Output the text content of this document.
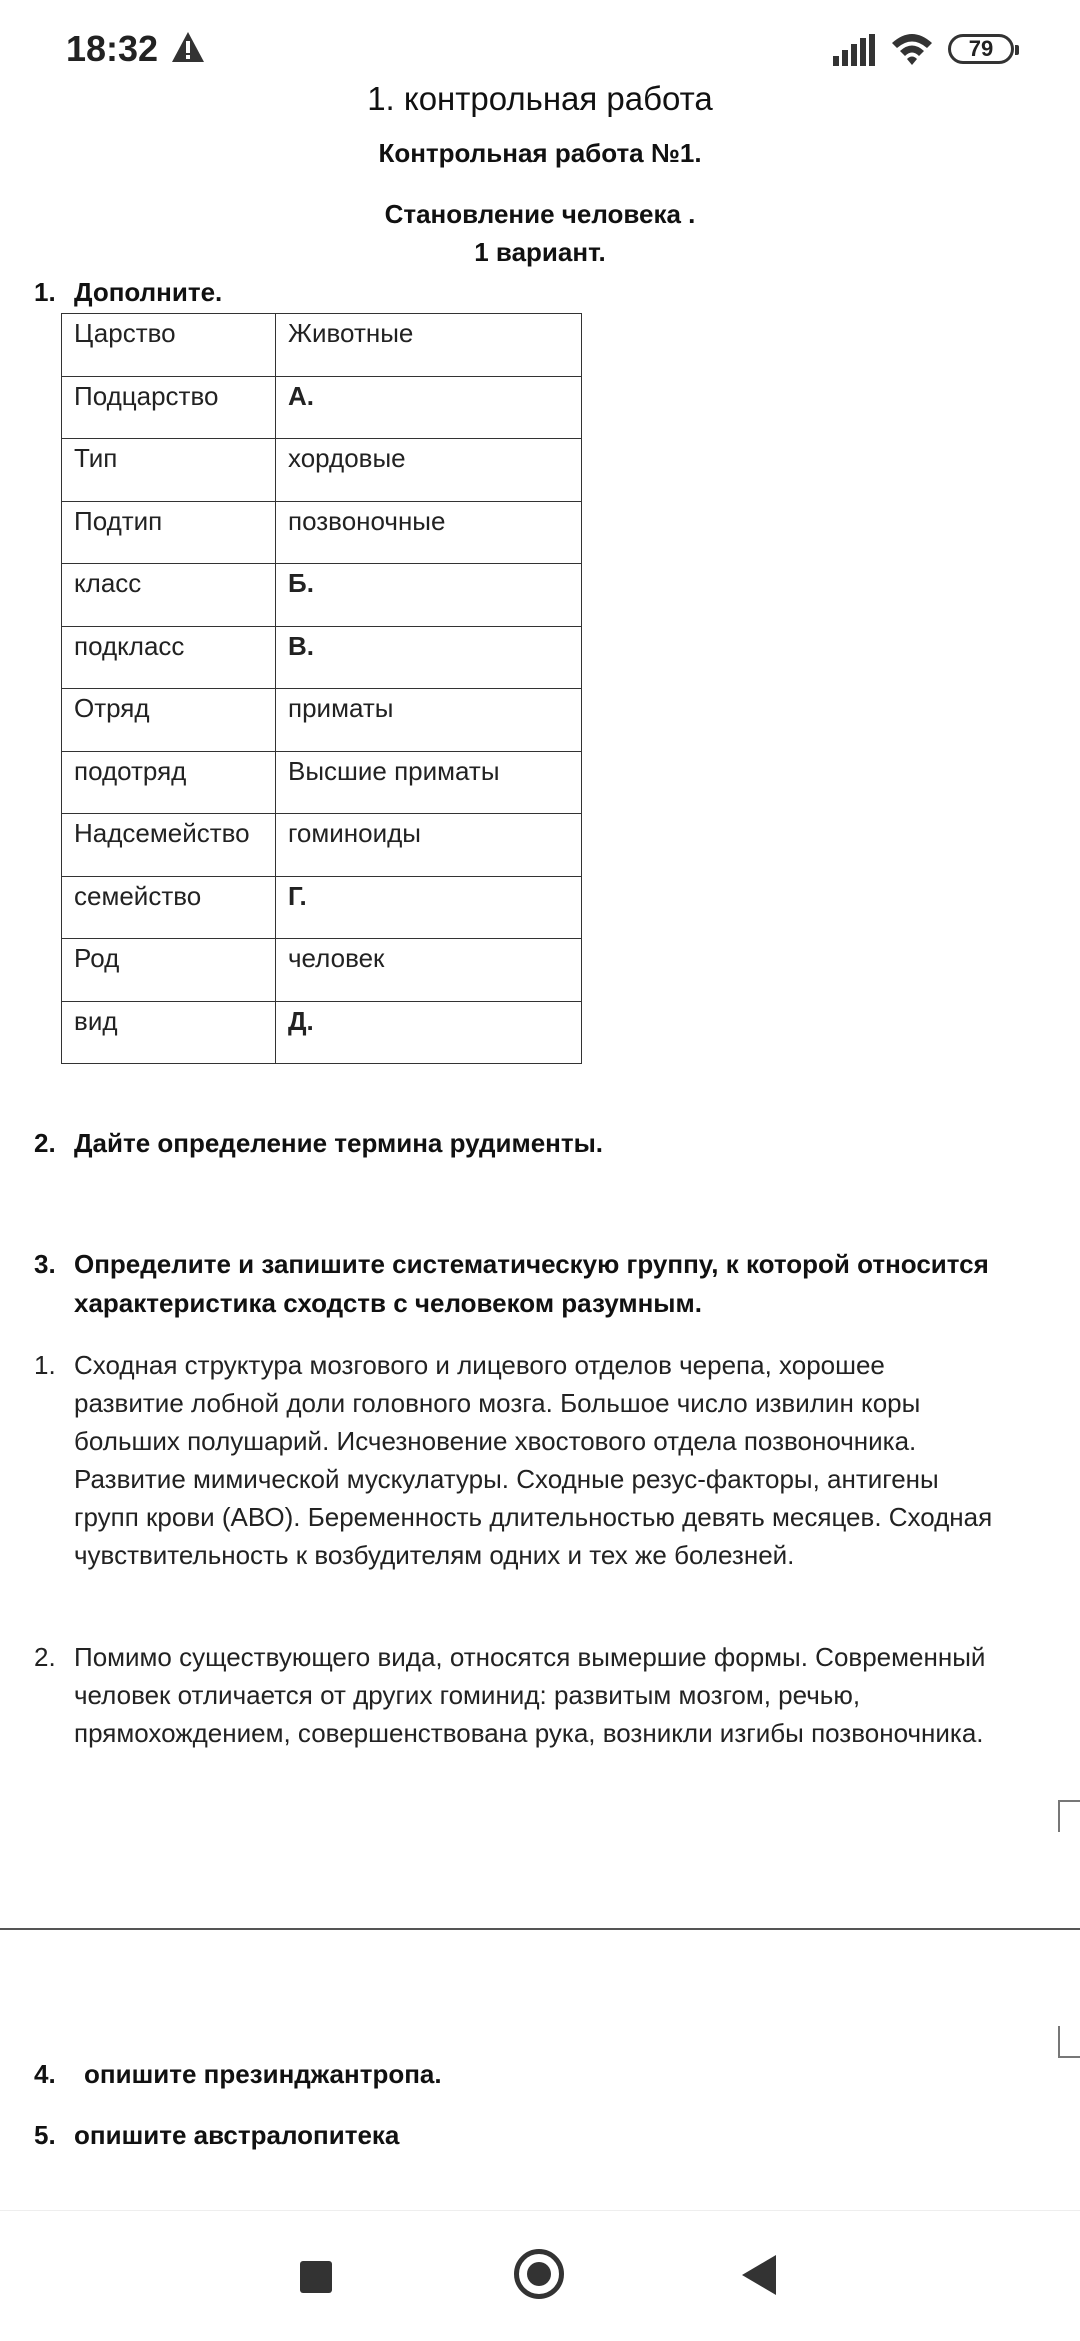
18:32	79
1. контрольная работа
Контрольная работа №1.
Становление человека .
1 вариант.
1. Дополните.
Царство	Животные
Подцарство	А.
Тип	хордовые
Подтип	позвоночные
класс	Б.
подкласс	В.
Отряд	приматы
подотряд	Высшие приматы
Надсемейство	гоминоиды
семейство	Г.
Род	человек
вид	Д.
2. Дайте определение термина рудименты.
3. Определите и запишите систематическую группу, к которой относится
характеристика сходств с человеком разумным.
1. Сходная структура мозгового и лицевого отделов черепа, хорошее
развитие лобной доли головного мозга. Большое число извилин коры
больших полушарий. Исчезновение хвостового отдела позвоночника.
Развитие мимической мускулатуры. Сходные резус-факторы, антигены
групп крови (АВО). Беременность длительностью девять месяцев. Сходная
чувствительность к возбудителям одних и тех же болезней.
2. Помимо существующего вида, относятся вымершие формы. Современный
человек отличается от других гоминид: развитым мозгом, речью,
прямохождением, совершенствована рука, возникли изгибы позвоночника.
4. опишите презинджантропа.
5. опишите австралопитека
